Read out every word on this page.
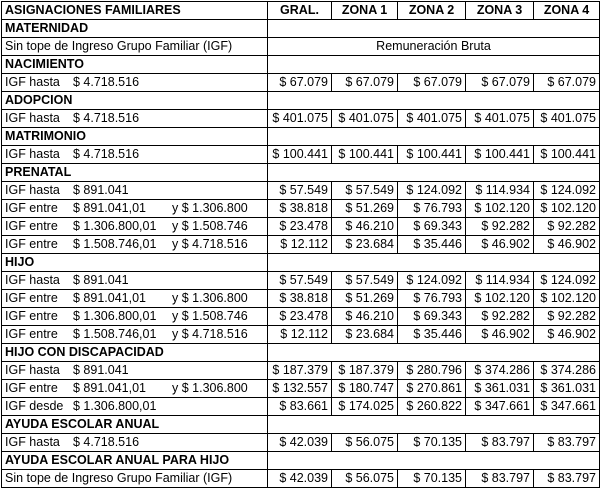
ASIGNACIONES FAMILIARES	GRAL.	ZONA 1	ZONA 2	ZONA 3	ZONA 4
MATERNIDAD					

Sin tope de Ingreso Grupo Familiar (IGF)	Remuneración Bruta				
NACIMIENTO					

IGF hasta $ 4.718.516	$ 67.079	$ 67.079	$ 67.079	$ 67.079	$ 67.079
ADOPCION					

IGF hasta $ 4.718.516	$ 401.075	$ 401.075	$ 401.075	$ 401.075	$ 401.075
MATRIMONIO					

IGF hasta $ 4.718.516	$ 100.441	$ 100.441	$ 100.441	$ 100.441	$ 100.441
PRENATAL					

IGF hasta $ 891.041	$ 57.549	$ 57.549	$ 124.092	$ 114.934	$ 124.092

IGF entre $ 891.041,01 y $ 1.306.800	$ 38.818	$ 51.269	$ 76.793	$ 102.120	$ 102.120

IGF entre $ 1.306.800,01 y $ 1.508.746	$ 23.478	$ 46.210	$ 69.343	$ 92.282	$ 92.282

IGF entre $ 1.508.746,01 y $ 4.718.516	$ 12.112	$ 23.684	$ 35.446	$ 46.902	$ 46.902
HIJO					

IGF hasta $ 891.041	$ 57.549	$ 57.549	$ 124.092	$ 114.934	$ 124.092

IGF entre $ 891.041,01 y $ 1.306.800	$ 38.818	$ 51.269	$ 76.793	$ 102.120	$ 102.120

IGF entre $ 1.306.800,01 y $ 1.508.746	$ 23.478	$ 46.210	$ 69.343	$ 92.282	$ 92.282

IGF entre $ 1.508.746,01 y $ 4.718.516	$ 12.112	$ 23.684	$ 35.446	$ 46.902	$ 46.902
HIJO CON DISCAPACIDAD					

IGF hasta $ 891.041	$ 187.379	$ 187.379	$ 280.796	$ 374.286	$ 374.286

IGF entre $ 891.041,01 y $ 1.306.800	$ 132.557	$ 180.747	$ 270.861	$ 361.031	$ 361.031

IGF desde $ 1.306.800,01	$ 83.661	$ 174.025	$ 260.822	$ 347.661	$ 347.661
AYUDA ESCOLAR ANUAL					

IGF hasta $ 4.718.516	$ 42.039	$ 56.075	$ 70.135	$ 83.797	$ 83.797
AYUDA ESCOLAR ANUAL PARA HIJO					

Sin tope de Ingreso Grupo Familiar (IGF)	$ 42.039	$ 56.075	$ 70.135	$ 83.797	$ 83.797
